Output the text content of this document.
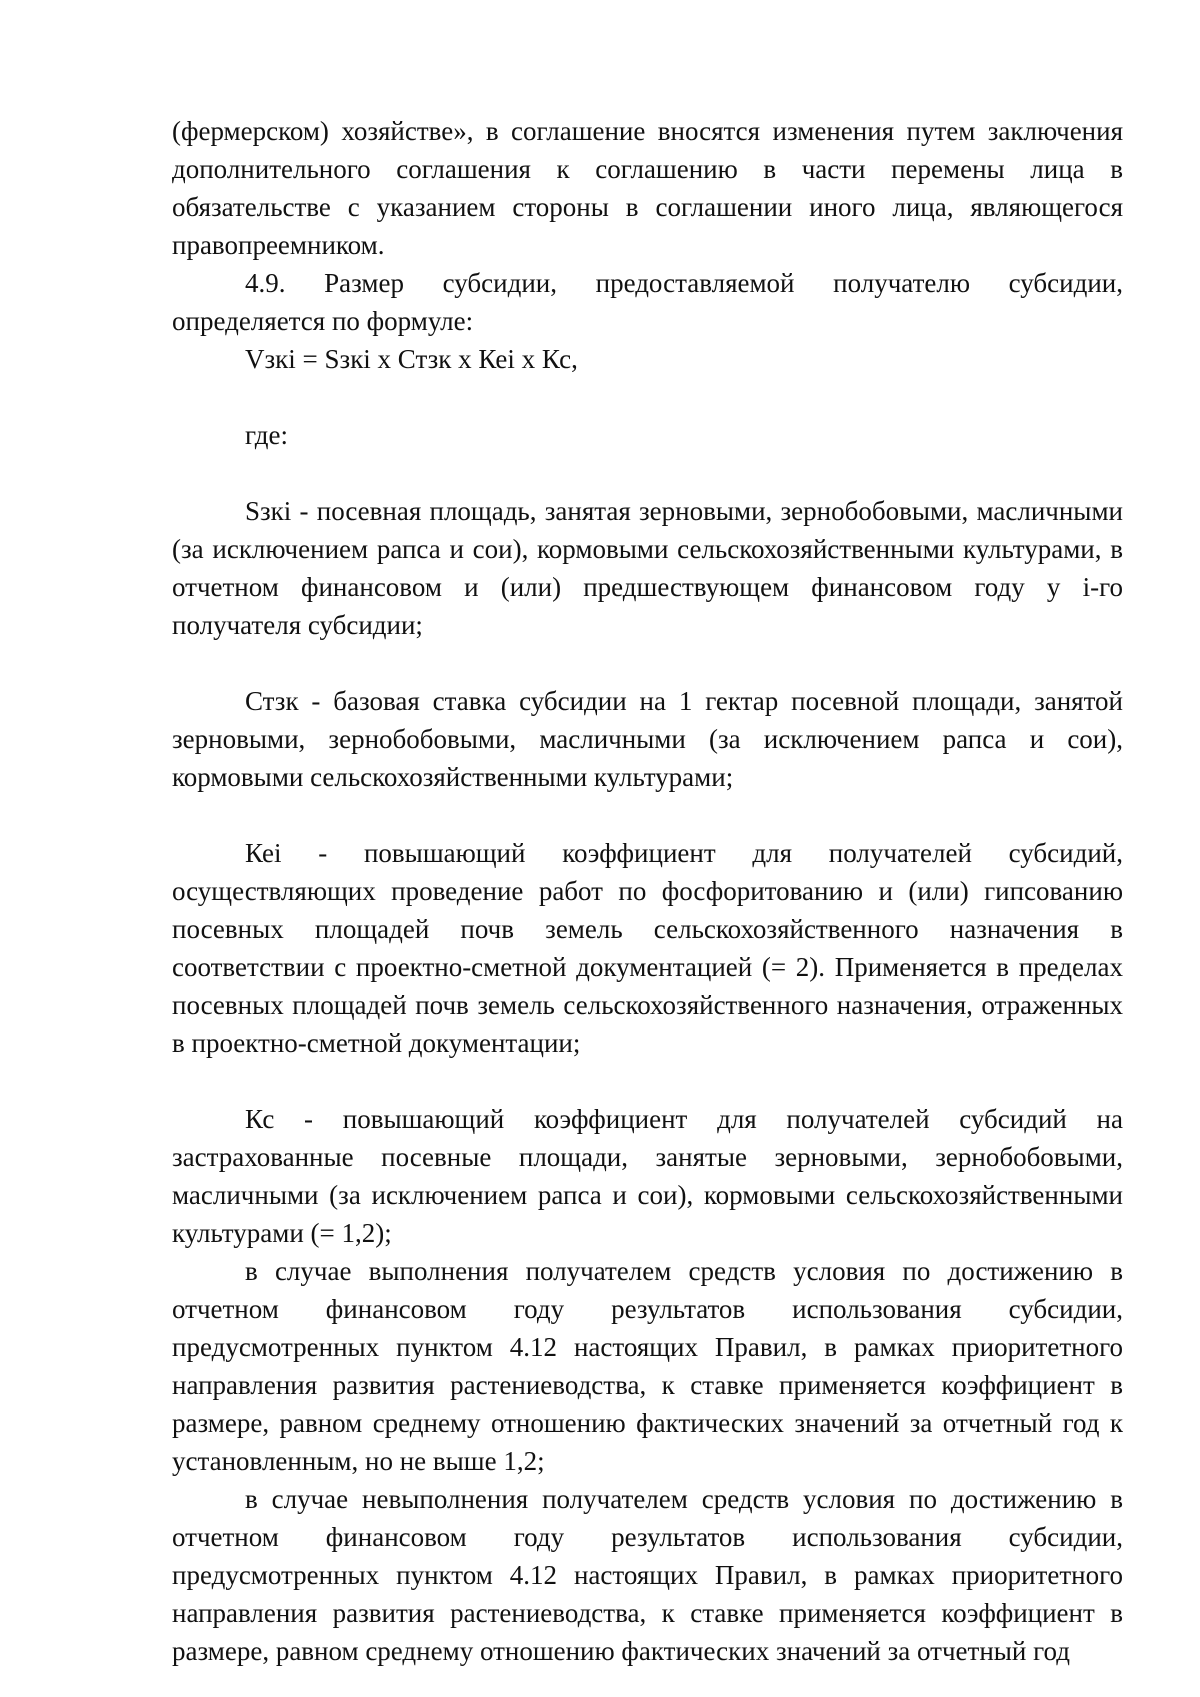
(фермерском) хозяйстве», в соглашение вносятся изменения путем заключения дополнительного соглашения к соглашению в части перемены лица в обязательстве с указанием стороны в соглашении иного лица, являющегося правопреемником.

4.9. Размер субсидии, предоставляемой получателю субсидии, определяется по формуле:

Vзкi = Sзкi х Стзк х Кеi х Кс,

где:

Sзкi - посевная площадь, занятая зерновыми, зернобобовыми, масличными (за исключением рапса и сои), кормовыми сельскохозяйственными культурами, в отчетном финансовом и (или) предшествующем финансовом году у i-го получателя субсидии;

Стзк - базовая ставка субсидии на 1 гектар посевной площади, занятой зерновыми, зернобобовыми, масличными (за исключением рапса и сои), кормовыми сельскохозяйственными культурами;

Кеi - повышающий коэффициент для получателей субсидий, осуществляющих проведение работ по фосфоритованию и (или) гипсованию посевных площадей почв земель сельскохозяйственного назначения в соответствии с проектно-сметной документацией (= 2). Применяется в пределах посевных площадей почв земель сельскохозяйственного назначения, отраженных в проектно-сметной документации;

Кс - повышающий коэффициент для получателей субсидий на застрахованные посевные площади, занятые зерновыми, зернобобовыми, масличными (за исключением рапса и сои), кормовыми сельскохозяйственными культурами (= 1,2);

в случае выполнения получателем средств условия по достижению в отчетном финансовом году результатов использования субсидии, предусмотренных пунктом 4.12 настоящих Правил, в рамках приоритетного направления развития растениеводства, к ставке применяется коэффициент в размере, равном среднему отношению фактических значений за отчетный год к установленным, но не выше 1,2;

в случае невыполнения получателем средств условия по достижению в отчетном финансовом году результатов использования субсидии, предусмотренных пунктом 4.12 настоящих Правил, в рамках приоритетного направления развития растениеводства, к ставке применяется коэффициент в размере, равном среднему отношению фактических значений за отчетный год
